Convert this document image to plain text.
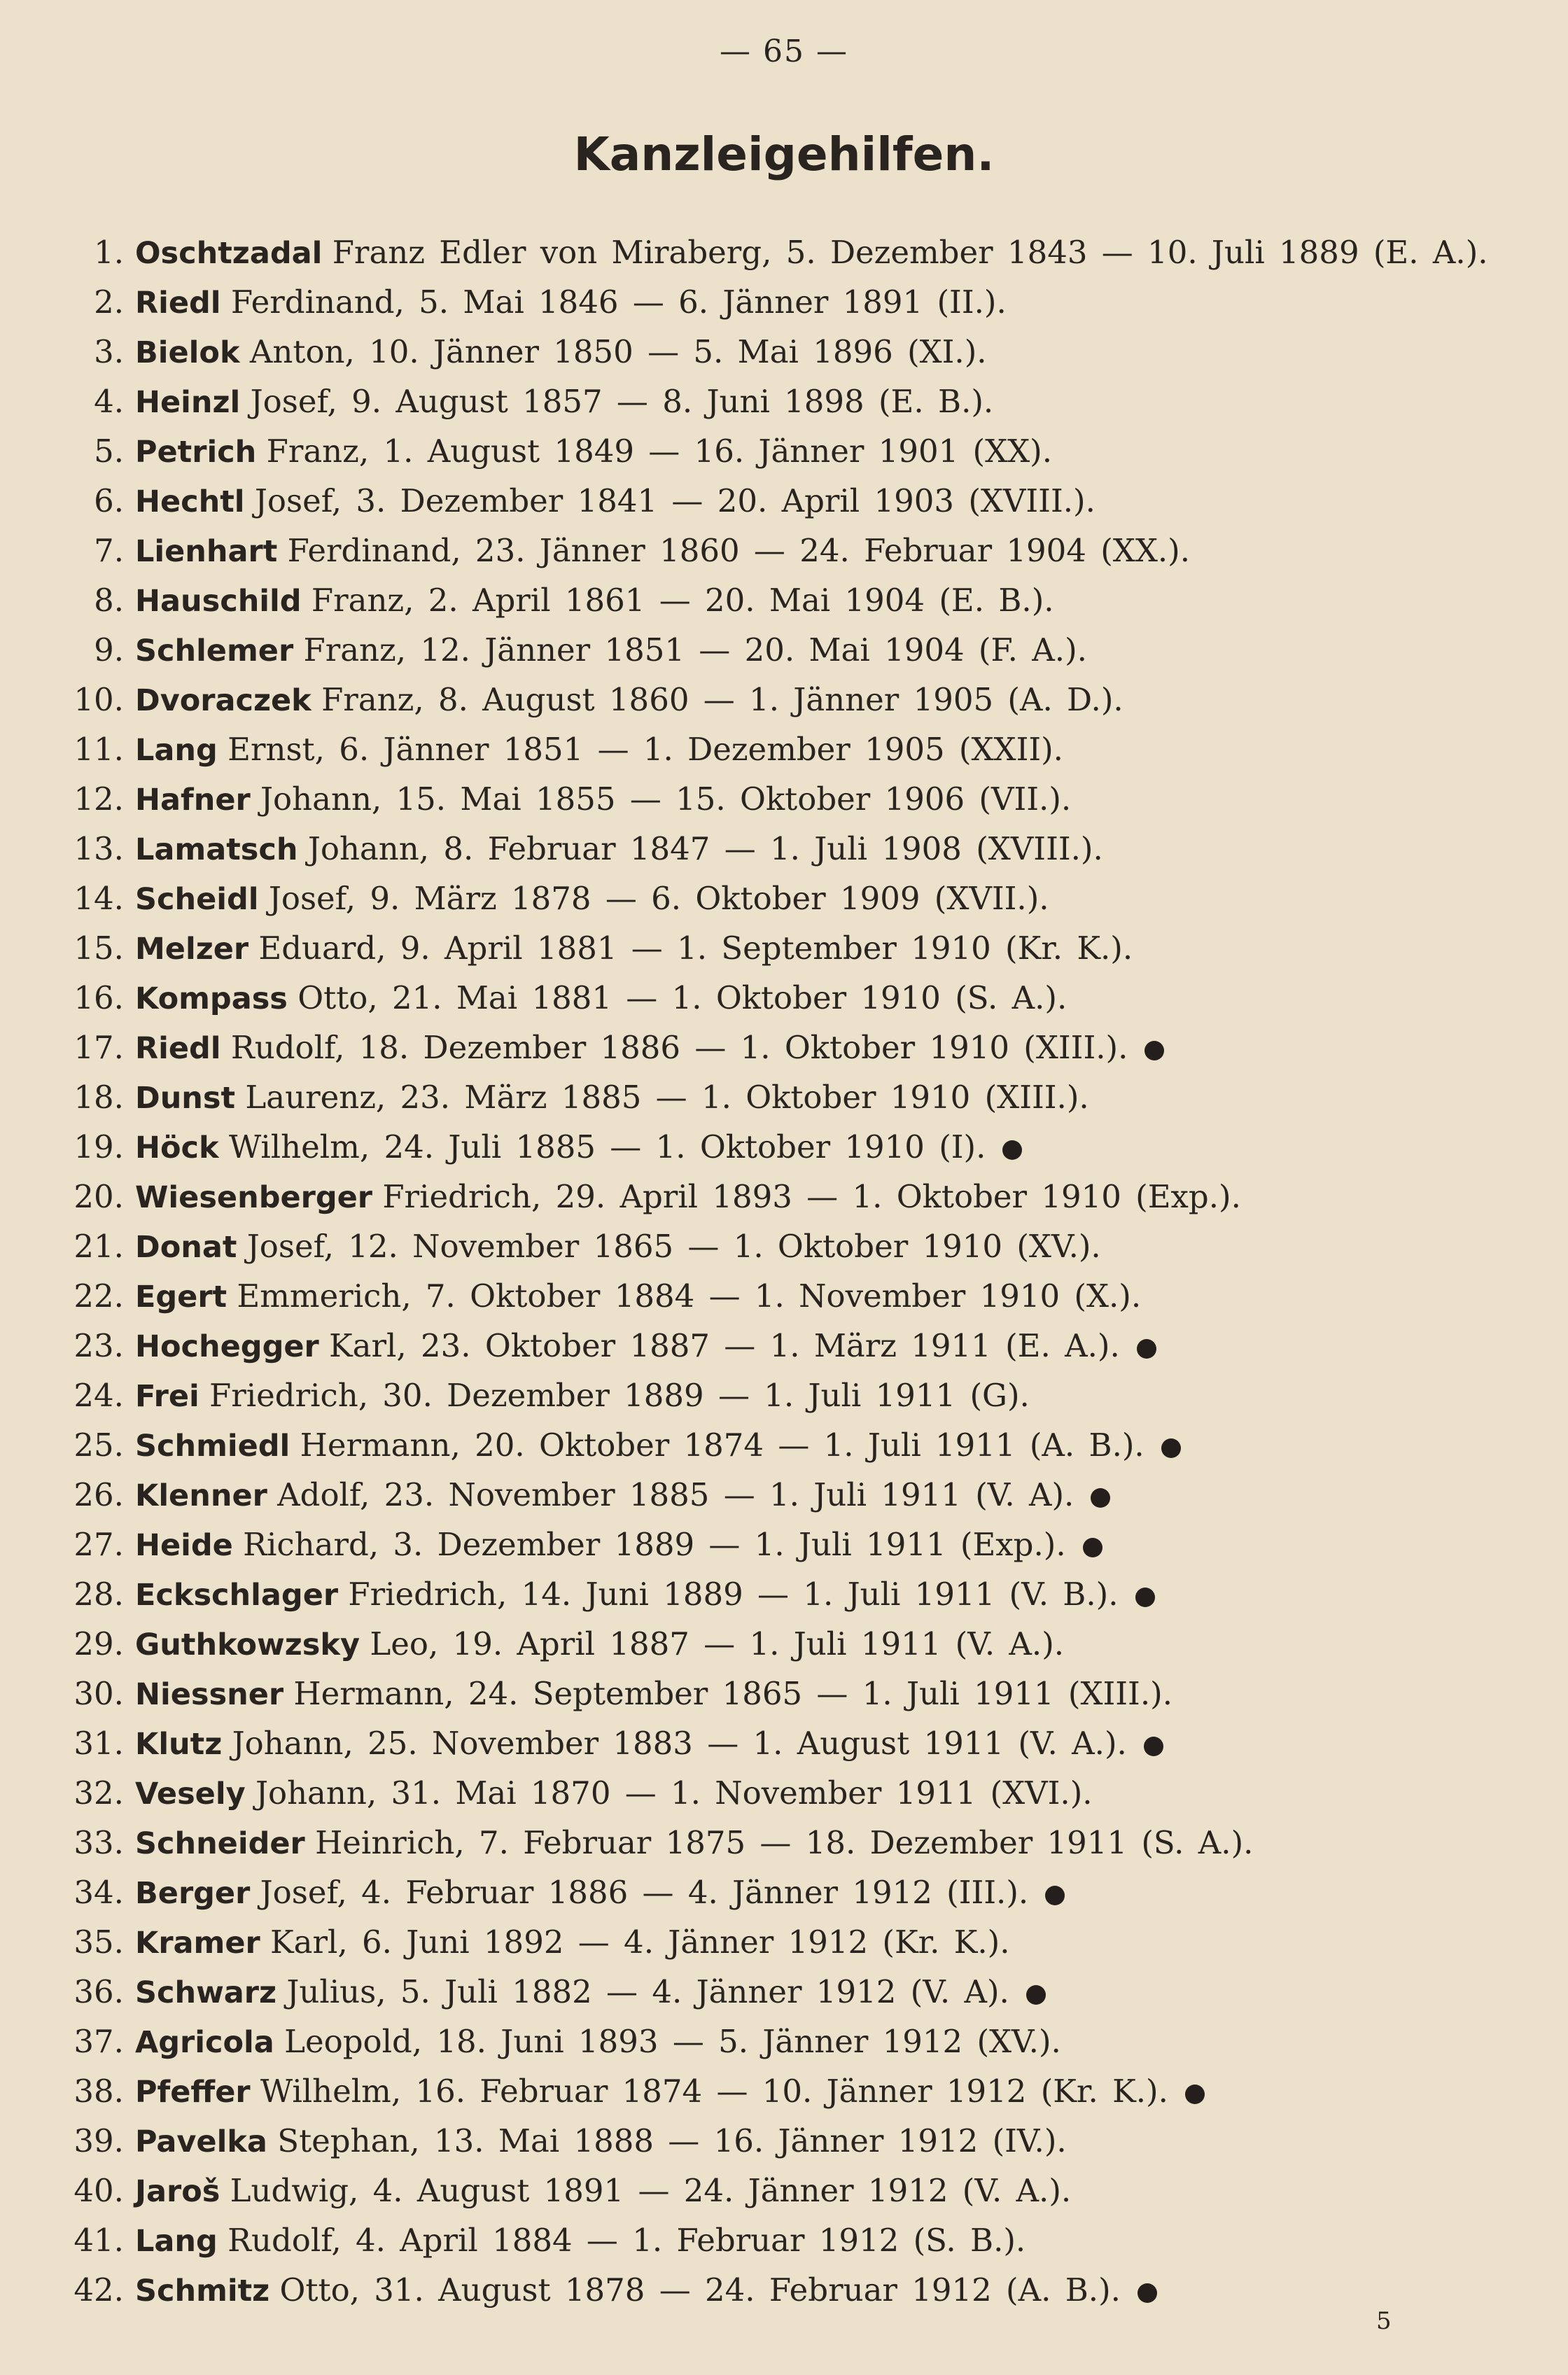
— 65 —
Kanzleigehilfen.
1. Oschtzadal Franz Edler von Miraberg, 5. Dezember 1843 — 10. Juli 1889 (E. A.).
2. Riedl Ferdinand, 5. Mai 1846 — 6. Jänner 1891 (II.).
3. Bielok Anton, 10. Jänner 1850 — 5. Mai 1896 (XI.).
4. Heinzl Josef, 9. August 1857 — 8. Juni 1898 (E. B.).
5. Petrich Franz, 1. August 1849 — 16. Jänner 1901 (XX).
6. Hechtl Josef, 3. Dezember 1841 — 20. April 1903 (XVIII.).
7. Lienhart Ferdinand, 23. Jänner 1860 — 24. Februar 1904 (XX.).
8. Hauschild Franz, 2. April 1861 — 20. Mai 1904 (E. B.).
9. Schlemer Franz, 12. Jänner 1851 — 20. Mai 1904 (F. A.).
10. Dvoraczek Franz, 8. August 1860 — 1. Jänner 1905 (A. D.).
11. Lang Ernst, 6. Jänner 1851 — 1. Dezember 1905 (XXII).
12. Hafner Johann, 15. Mai 1855 — 15. Oktober 1906 (VII.).
13. Lamatsch Johann, 8. Februar 1847 — 1. Juli 1908 (XVIII.).
14. Scheidl Josef, 9. März 1878 — 6. Oktober 1909 (XVII.).
15. Melzer Eduard, 9. April 1881 — 1. September 1910 (Kr. K.).
16. Kompass Otto, 21. Mai 1881 — 1. Oktober 1910 (S. A.).
17. Riedl Rudolf, 18. Dezember 1886 — 1. Oktober 1910 (XIII.).
18. Dunst Laurenz, 23. März 1885 — 1. Oktober 1910 (XIII.).
19. Höck Wilhelm, 24. Juli 1885 — 1. Oktober 1910 (I).
20. Wiesenberger Friedrich, 29. April 1893 — 1. Oktober 1910 (Exp.).
21. Donat Josef, 12. November 1865 — 1. Oktober 1910 (XV.).
22. Egert Emmerich, 7. Oktober 1884 — 1. November 1910 (X.).
23. Hochegger Karl, 23. Oktober 1887 — 1. März 1911 (E. A.).
24. Frei Friedrich, 30. Dezember 1889 — 1. Juli 1911 (G).
25. Schmiedl Hermann, 20. Oktober 1874 — 1. Juli 1911 (A. B.).
26. Klenner Adolf, 23. November 1885 — 1. Juli 1911 (V. A).
27. Heide Richard, 3. Dezember 1889 — 1. Juli 1911 (Exp.).
28. Eckschlager Friedrich, 14. Juni 1889 — 1. Juli 1911 (V. B.).
29. Guthkowzsky Leo, 19. April 1887 — 1. Juli 1911 (V. A.).
30. Niessner Hermann, 24. September 1865 — 1. Juli 1911 (XIII.).
31. Klutz Johann, 25. November 1883 — 1. August 1911 (V. A.).
32. Vesely Johann, 31. Mai 1870 — 1. November 1911 (XVI.).
33. Schneider Heinrich, 7. Februar 1875 — 18. Dezember 1911 (S. A.).
34. Berger Josef, 4. Februar 1886 — 4. Jänner 1912 (III.).
35. Kramer Karl, 6. Juni 1892 — 4. Jänner 1912 (Kr. K.).
36. Schwarz Julius, 5. Juli 1882 — 4. Jänner 1912 (V. A).
37. Agricola Leopold, 18. Juni 1893 — 5. Jänner 1912 (XV.).
38. Pfeffer Wilhelm, 16. Februar 1874 — 10. Jänner 1912 (Kr. K.).
39. Pavelka Stephan, 13. Mai 1888 — 16. Jänner 1912 (IV.).
40. Jaroš Ludwig, 4. August 1891 — 24. Jänner 1912 (V. A.).
41. Lang Rudolf, 4. April 1884 — 1. Februar 1912 (S. B.).
42. Schmitz Otto, 31. August 1878 — 24. Februar 1912 (A. B.).
5
